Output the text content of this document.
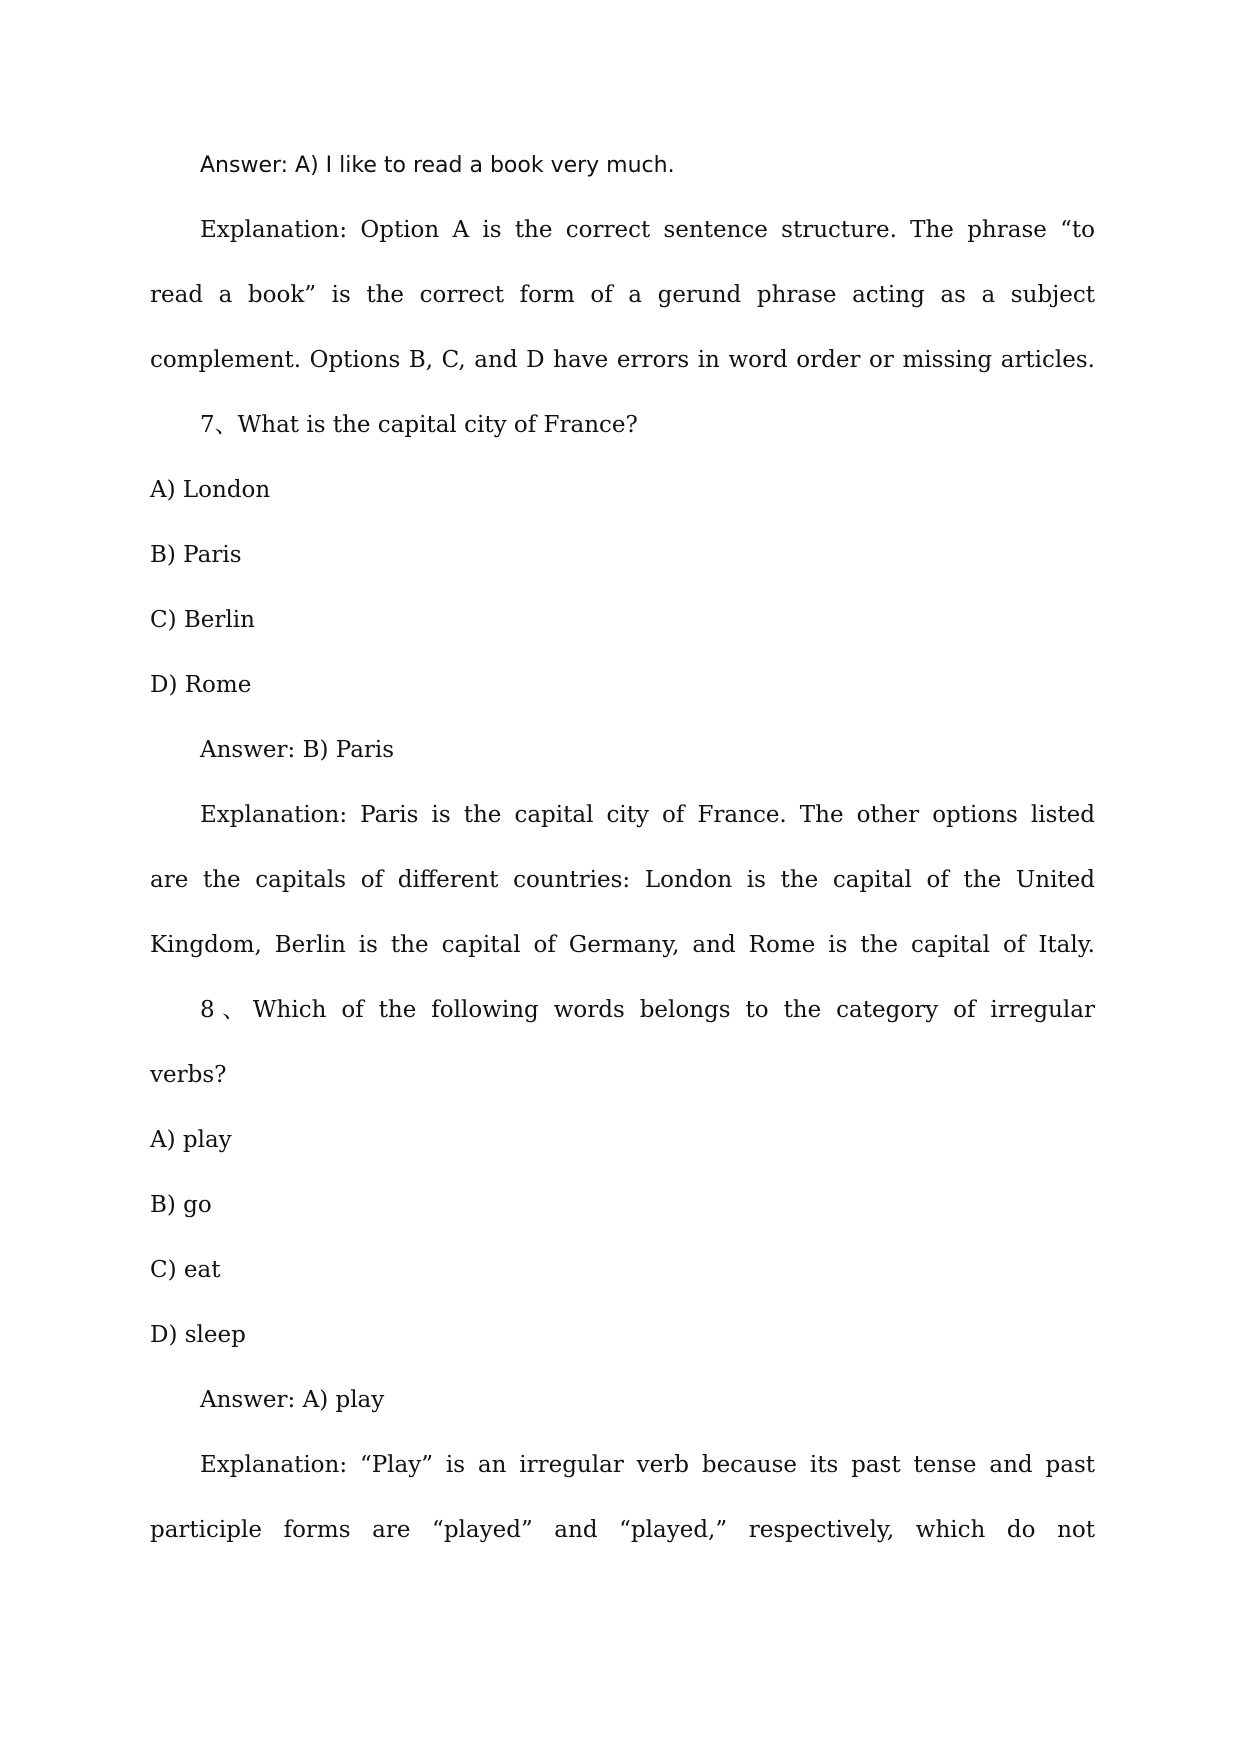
Answer: A) I like to read a book very much.
Explanation: Option A is the correct sentence structure. The phrase “to
read a book” is the correct form of a gerund phrase acting as a subject
complement. Options B, C, and D have errors in word order or missing articles.
7、What is the capital city of France?
A) London
B) Paris
C) Berlin
D) Rome
Answer: B) Paris
Explanation: Paris is the capital city of France. The other options listed
are the capitals of different countries: London is the capital of the United
Kingdom, Berlin is the capital of Germany, and Rome is the capital of Italy.
8、Which of the following words belongs to the category of irregular
verbs?
A) play
B) go
C) eat
D) sleep
Answer: A) play
Explanation: “Play” is an irregular verb because its past tense and past
participle forms are “played” and “played,” respectively, which do not
